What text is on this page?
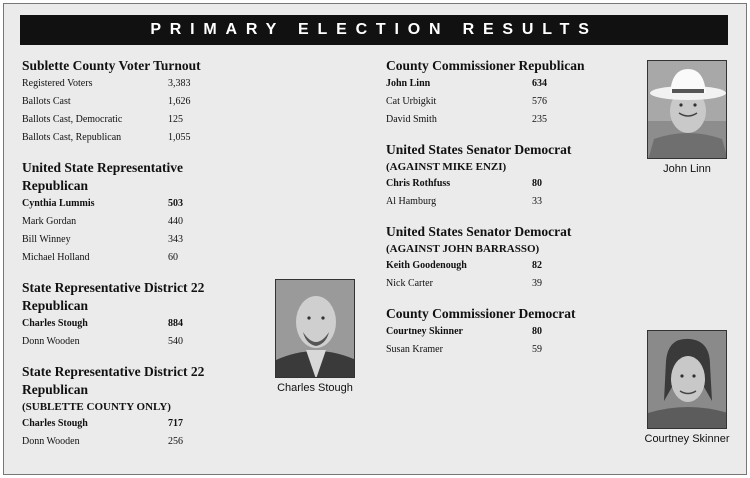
PRIMARY ELECTION RESULTS
Sublette County Voter Turnout
Registered Voters	3,383
Ballots Cast	1,626
Ballots Cast, Democratic	125
Ballots Cast, Republican	1,055
United State Representative Republican
Cynthia Lummis	503
Mark Gordan	440
Bill Winney	343
Michael Holland	60
State Representative District 22
Republican
Charles Stough	884
Donn Wooden	540
State Representative District 22
Republican
(SUBLETTE COUNTY ONLY)
Charles Stough	717
Donn Wooden	256
County Commissioner Republican
John Linn	634
Cat Urbigkit	576
David Smith	235
United States Senator Democrat
(AGAINST MIKE ENZI)
Chris Rothfuss	80
Al Hamburg	33
United States Senator Democrat
(AGAINST JOHN BARRASSO)
Keith Goodenough	82
Nick Carter	39
County Commissioner Democrat
Courtney Skinner	80
Susan Kramer	59
John Linn
Charles Stough
Courtney Skinner
